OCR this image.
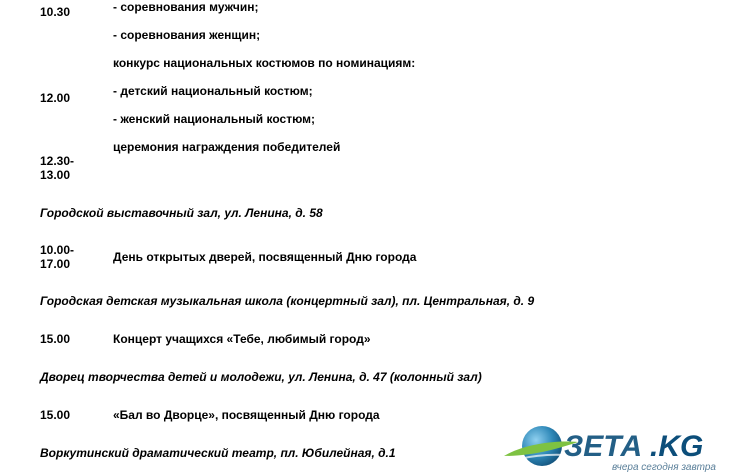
10.30	- соревнования мужчин;
- соревнования женщин;
конкурс национальных костюмов по номинациям:
12.00	- детский национальный костюм;
- женский национальный костюм;
церемония награждения победителей
12.30-
13.00
Городской выставочный зал, ул. Ленина, д. 58
10.00-
17.00	День открытых дверей, посвященный Дню города
Городская детская музыкальная школа (концертный зал), пл. Центральная, д. 9
15.00	Концерт учащихся «Тебе, любимый город»
Дворец творчества детей и молодежи, ул. Ленина, д. 47 (колонный зал)
15.00	«Бал во Дворце», посвященный Дню города
Воркутинский драматический театр, пл. Юбилейная, д.1	ЗЕТА .KG
вчера сегодня завтра
